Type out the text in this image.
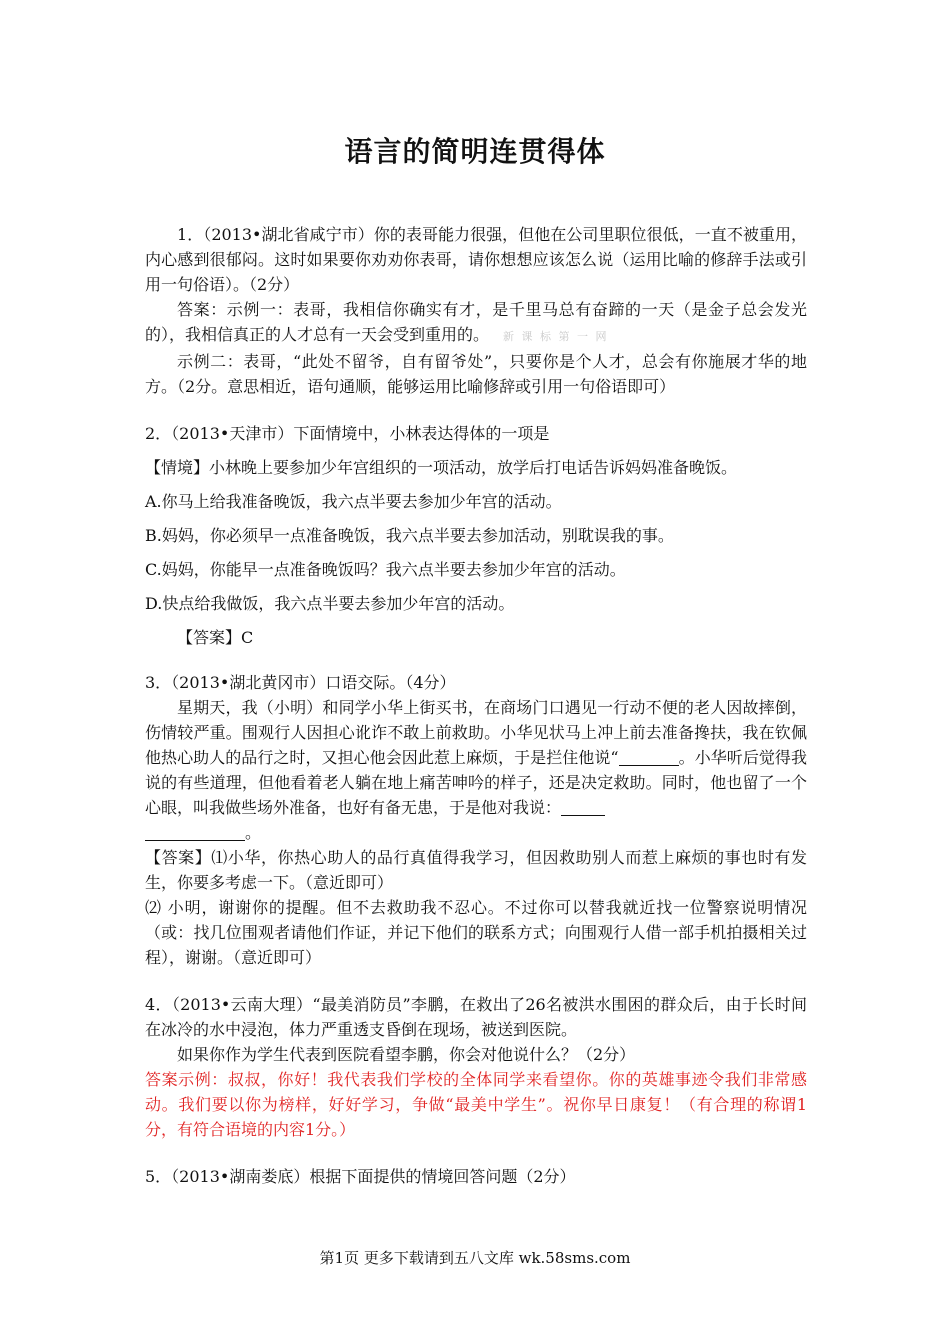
语言的简明连贯得体

1．（2013•湖北省咸宁市）你的表哥能力很强，但他在公司里职位很低，一直不被重用，内心感到很郁闷。这时如果要你劝劝你表哥，请你想想应该怎么说（运用比喻的修辞手法或引用一句俗语）。（2分）

答案：示例一：表哥，我相信你确实有才，是千里马总有奋蹄的一天（是金子总会发光的），我相信真正的人才总有一天会受到重用的。 新 课 标 第 一 网

示例二：表哥，“此处不留爷，自有留爷处”，只要你是个人才，总会有你施展才华的地方。（2分。意思相近，语句通顺，能够运用比喻修辞或引用一句俗语即可）

2．（2013•天津市）下面情境中，小林表达得体的一项是

【情境】小林晚上要参加少年宫组织的一项活动，放学后打电话告诉妈妈准备晚饭。

A.你马上给我准备晚饭，我六点半要去参加少年宫的活动。

B.妈妈，你必须早一点准备晚饭，我六点半要去参加活动，别耽误我的事。

C.妈妈，你能早一点准备晚饭吗？我六点半要去参加少年宫的活动。

D.快点给我做饭，我六点半要去参加少年宫的活动。

【答案】C

3．（2013•湖北黄冈市）口语交际。（4分）

星期天，我（小明）和同学小华上街买书，在商场门口遇见一行动不便的老人因故摔倒，伤情较严重。围观行人因担心讹诈不敢上前救助。小华见状马上冲上前去准备搀扶，我在钦佩他热心助人的品行之时，又担心他会因此惹上麻烦，于是拦住他说“	。小华听后觉得我说的有些道理，但他看着老人躺在地上痛苦呻吟的样子，还是决定救助。同时，他也留了一个心眼，叫我做些场外准备，也好有备无患，于是他对我说：
。

【答案】⑴小华，你热心助人的品行真值得我学习，但因救助别人而惹上麻烦的事也时有发生，你要多考虑一下。（意近即可）

⑵ 小明，谢谢你的提醒。但不去救助我不忍心。不过你可以替我就近找一位警察说明情况（或：找几位围观者请他们作证，并记下他们的联系方式；向围观行人借一部手机拍摄相关过程），谢谢。（意近即可）

4．（2013•云南大理）“最美消防员”李鹏，在救出了26名被洪水围困的群众后，由于长时间在冰冷的水中浸泡，体力严重透支昏倒在现场，被送到医院。

如果你作为学生代表到医院看望李鹏，你会对他说什么？（2分）

答案示例：叔叔，你好！我代表我们学校的全体同学来看望你。你的英雄事迹令我们非常感动。我们要以你为榜样，好好学习，争做“最美中学生”。祝你早日康复！（有合理的称谓1分，有符合语境的内容1分。）

5．（2013•湖南娄底）根据下面提供的情境回答问题（2分）

第1页 更多下载请到五八文库 wk.58sms.com
